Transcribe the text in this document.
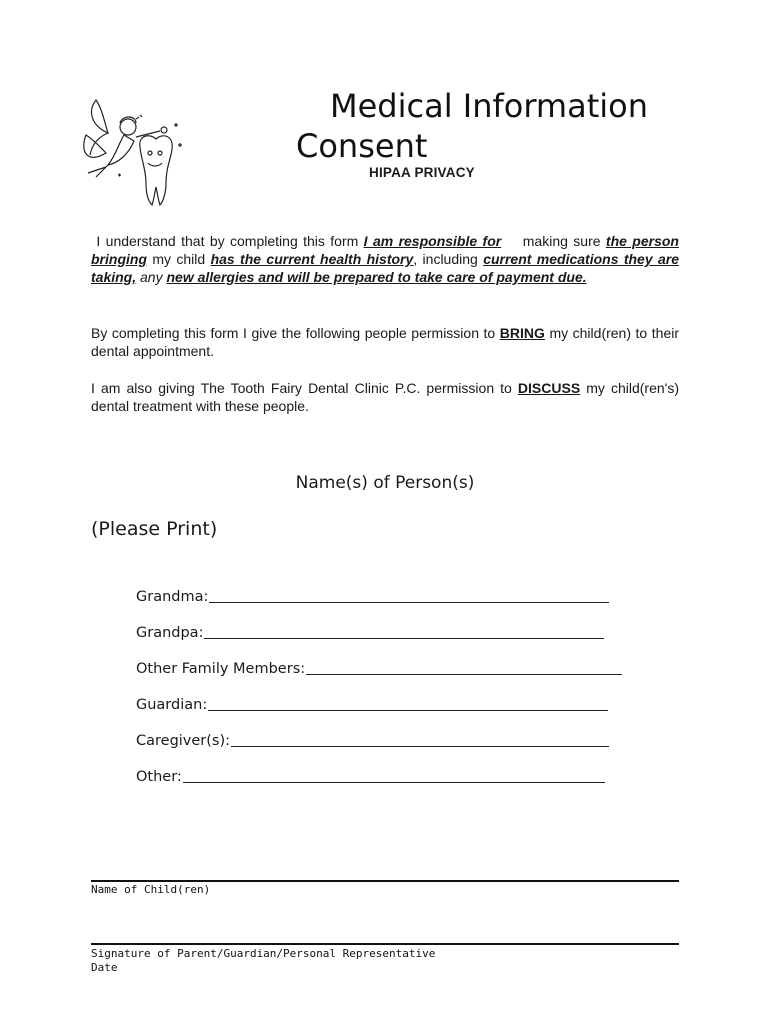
Medical Information
Consent
HIPAA PRIVACY
I understand that by completing this form I am responsible for    making sure the person bringing my child has the current health history, including current medications they are taking, any new allergies and will be prepared to take care of payment due.
By completing this form I give the following people permission to BRING my child(ren) to their dental appointment.
I am also giving The Tooth Fairy Dental Clinic P.C. permission to DISCUSS my child(ren's) dental treatment with these people.
Name(s) of Person(s)
(Please Print)
Grandma:
Grandpa:
Other Family Members:
Guardian:
Caregiver(s):
Other:
Name of Child(ren)
Signature of Parent/Guardian/Personal Representative
Date
